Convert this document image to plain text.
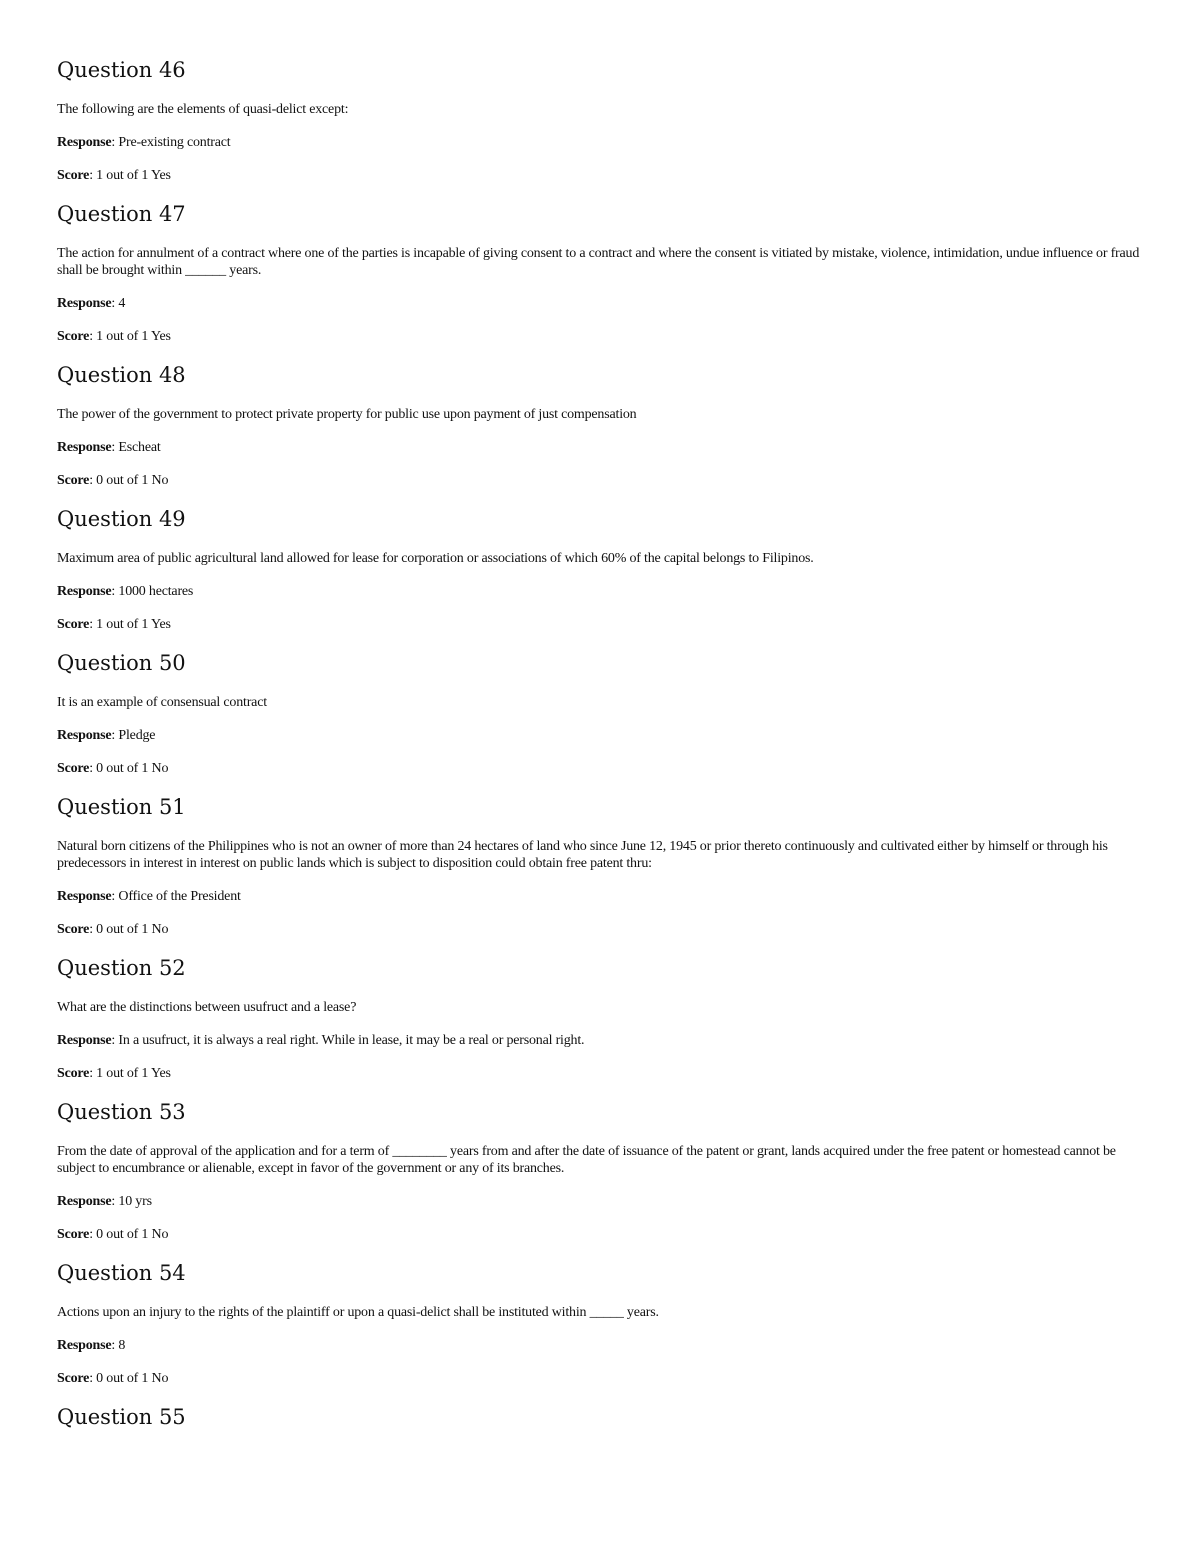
Question 46

The following are the elements of quasi-delict except:

Response: Pre-existing contract

Score: 1 out of 1 Yes

Question 47

The action for annulment of a contract where one of the parties is incapable of giving consent to a contract and where the consent is vitiated by mistake, violence, intimidation, undue influence or fraud shall be brought within ______ years.

Response: 4

Score: 1 out of 1 Yes

Question 48

The power of the government to protect private property for public use upon payment of just compensation

Response: Escheat

Score: 0 out of 1 No

Question 49

Maximum area of public agricultural land allowed for lease for corporation or associations of which 60% of the capital belongs to Filipinos.

Response: 1000 hectares

Score: 1 out of 1 Yes

Question 50

It is an example of consensual contract

Response: Pledge

Score: 0 out of 1 No

Question 51

Natural born citizens of the Philippines who is not an owner of more than 24 hectares of land who since June 12, 1945 or prior thereto continuously and cultivated either by himself or through his predecessors in interest in interest on public lands which is subject to disposition could obtain free patent thru:

Response: Office of the President

Score: 0 out of 1 No

Question 52

What are the distinctions between usufruct and a lease?

Response: In a usufruct, it is always a real right. While in lease, it may be a real or personal right.

Score: 1 out of 1 Yes

Question 53

From the date of approval of the application and for a term of ________ years from and after the date of issuance of the patent or grant, lands acquired under the free patent or homestead cannot be subject to encumbrance or alienable, except in favor of the government or any of its branches.

Response: 10 yrs

Score: 0 out of 1 No

Question 54

Actions upon an injury to the rights of the plaintiff or upon a quasi-delict shall be instituted within _____ years.

Response: 8

Score: 0 out of 1 No

Question 55
